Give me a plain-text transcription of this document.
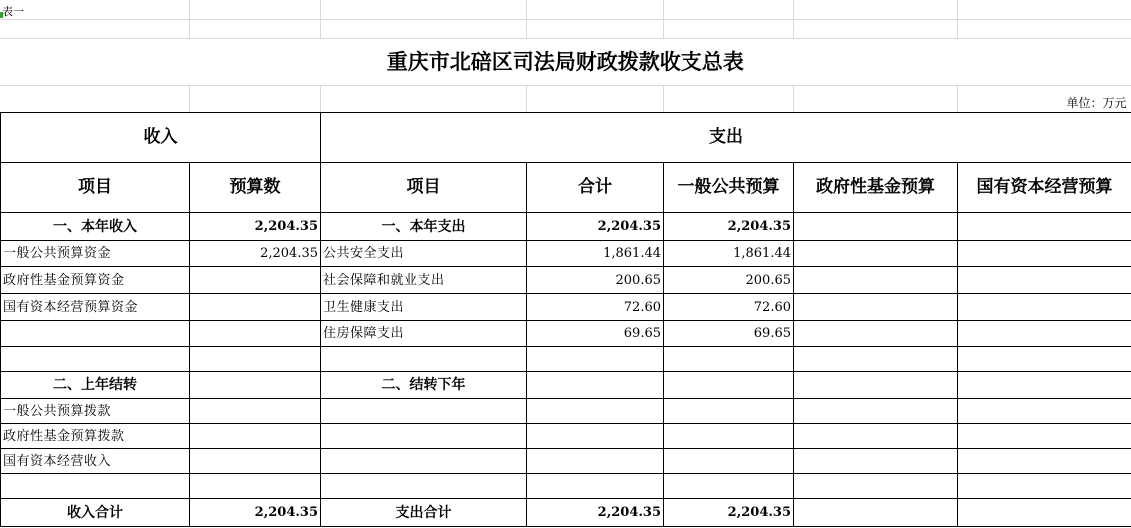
表一

重庆市北碚区司法局财政拨款收支总表						
						单位：万元
收入		支出				
项目	预算数	项目	合计	一般公共预算	政府性基金预算	国有资本经营预算
一、本年收入	2,204.35	一、本年支出	2,204.35	2,204.35		
一般公共预算资金	2,204.35	公共安全支出	1,861.44	1,861.44		
政府性基金预算资金		社会保障和就业支出	200.65	200.65		
国有资本经营预算资金		卫生健康支出	72.60	72.60		
		住房保障支出	69.65	69.65		

二、上年结转		二、结转下年				
一般公共预算拨款						
政府性基金预算拨款						
国有资本经营收入						

收入合计	2,204.35	支出合计	2,204.35	2,204.35		
